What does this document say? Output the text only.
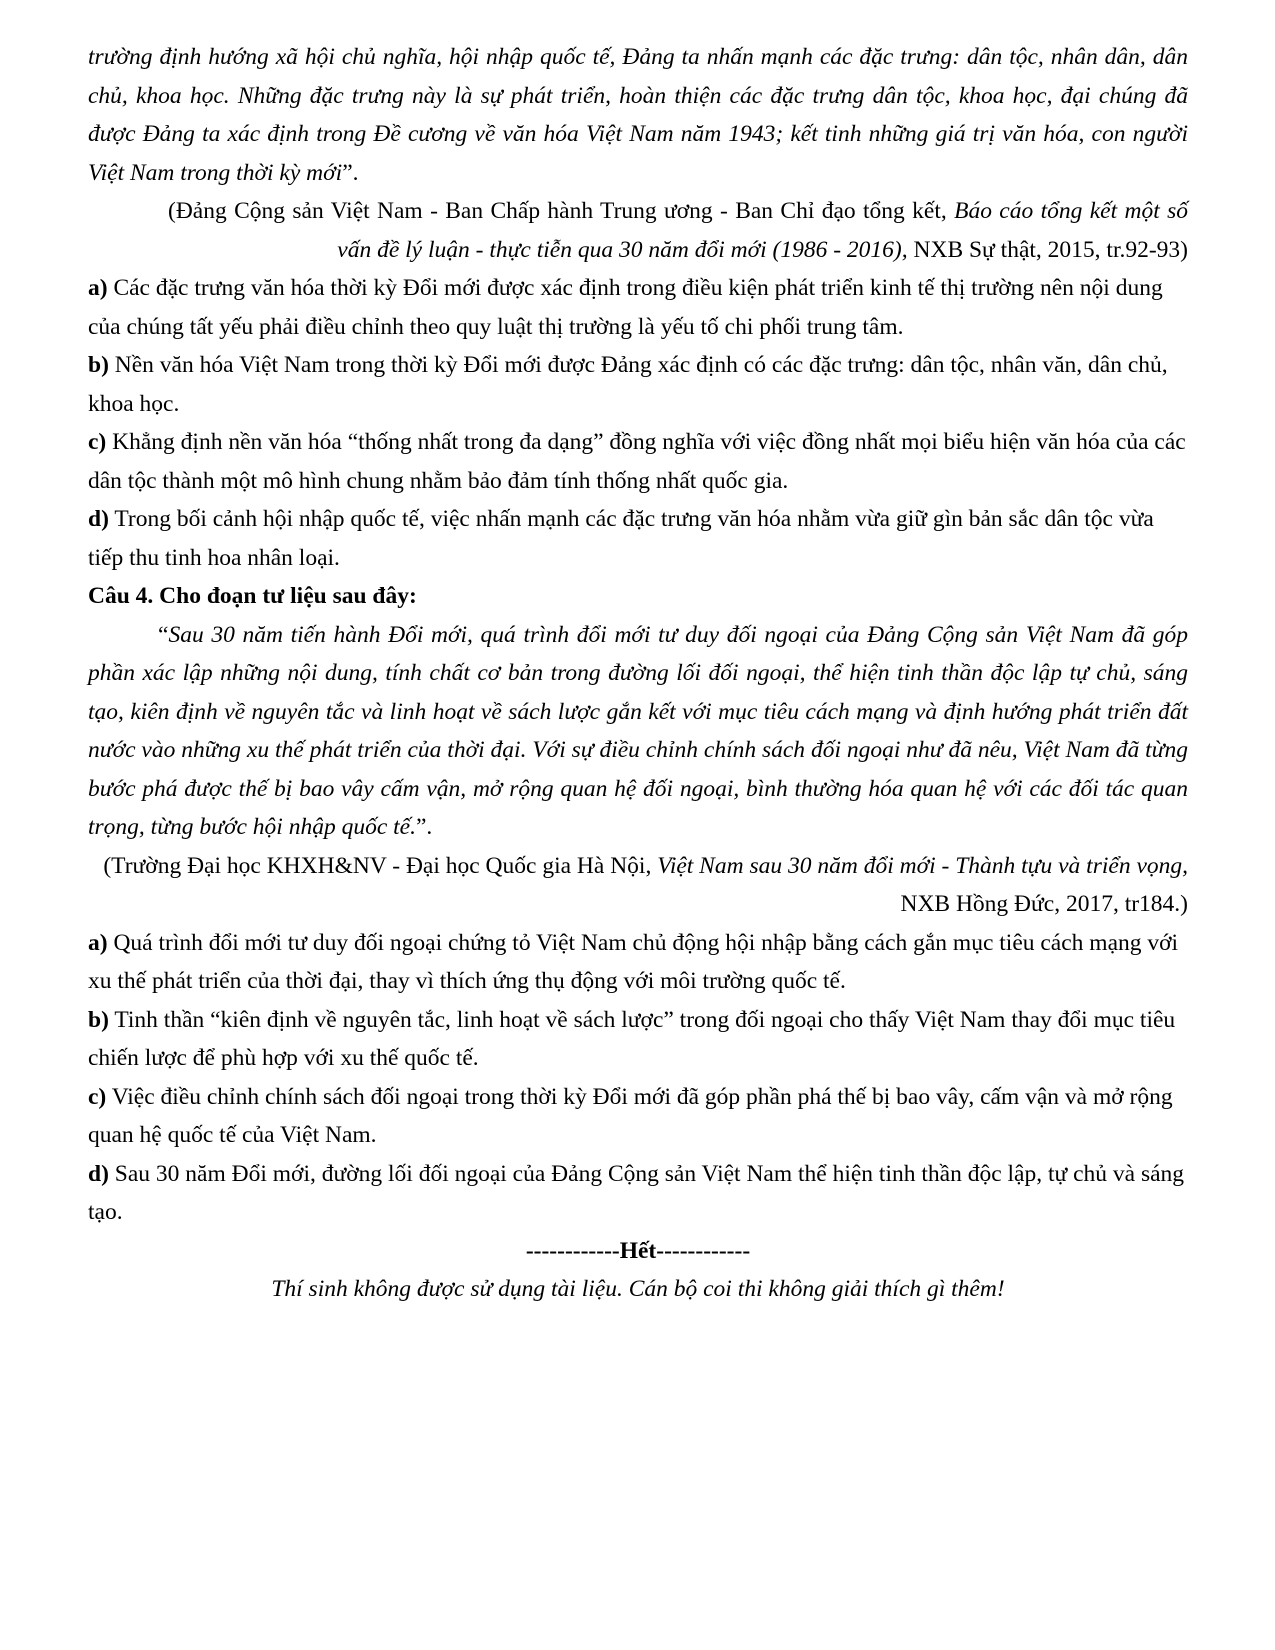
trường định hướng xã hội chủ nghĩa, hội nhập quốc tế, Đảng ta nhấn mạnh các đặc trưng: dân tộc, nhân dân, dân chủ, khoa học. Những đặc trưng này là sự phát triển, hoàn thiện các đặc trưng dân tộc, khoa học, đại chúng đã được Đảng ta xác định trong Đề cương về văn hóa Việt Nam năm 1943; kết tinh những giá trị văn hóa, con người Việt Nam trong thời kỳ mới”.
(Đảng Cộng sản Việt Nam - Ban Chấp hành Trung ương - Ban Chỉ đạo tổng kết, Báo cáo tổng kết một số vấn đề lý luận - thực tiễn qua 30 năm đổi mới (1986 - 2016), NXB Sự thật, 2015, tr.92-93)
a) Các đặc trưng văn hóa thời kỳ Đổi mới được xác định trong điều kiện phát triển kinh tế thị trường nên nội dung của chúng tất yếu phải điều chỉnh theo quy luật thị trường là yếu tố chi phối trung tâm.
b) Nền văn hóa Việt Nam trong thời kỳ Đổi mới được Đảng xác định có các đặc trưng: dân tộc, nhân văn, dân chủ, khoa học.
c) Khẳng định nền văn hóa “thống nhất trong đa dạng” đồng nghĩa với việc đồng nhất mọi biểu hiện văn hóa của các dân tộc thành một mô hình chung nhằm bảo đảm tính thống nhất quốc gia.
d) Trong bối cảnh hội nhập quốc tế, việc nhấn mạnh các đặc trưng văn hóa nhằm vừa giữ gìn bản sắc dân tộc vừa tiếp thu tinh hoa nhân loại.
Câu 4. Cho đoạn tư liệu sau đây:
“Sau 30 năm tiến hành Đổi mới, quá trình đổi mới tư duy đối ngoại của Đảng Cộng sản Việt Nam đã góp phần xác lập những nội dung, tính chất cơ bản trong đường lối đối ngoại, thể hiện tinh thần độc lập tự chủ, sáng tạo, kiên định về nguyên tắc và linh hoạt về sách lược gắn kết với mục tiêu cách mạng và định hướng phát triển đất nước vào những xu thế phát triển của thời đại. Với sự điều chỉnh chính sách đối ngoại như đã nêu, Việt Nam đã từng bước phá được thế bị bao vây cấm vận, mở rộng quan hệ đối ngoại, bình thường hóa quan hệ với các đối tác quan trọng, từng bước hội nhập quốc tế.”.
(Trường Đại học KHXH&NV - Đại học Quốc gia Hà Nội, Việt Nam sau 30 năm đổi mới - Thành tựu và triển vọng, NXB Hồng Đức, 2017, tr184.)
a) Quá trình đổi mới tư duy đối ngoại chứng tỏ Việt Nam chủ động hội nhập bằng cách gắn mục tiêu cách mạng với xu thế phát triển của thời đại, thay vì thích ứng thụ động với môi trường quốc tế.
b) Tinh thần “kiên định về nguyên tắc, linh hoạt về sách lược” trong đối ngoại cho thấy Việt Nam thay đổi mục tiêu chiến lược để phù hợp với xu thế quốc tế.
c) Việc điều chỉnh chính sách đối ngoại trong thời kỳ Đổi mới đã góp phần phá thế bị bao vây, cấm vận và mở rộng quan hệ quốc tế của Việt Nam.
d) Sau 30 năm Đổi mới, đường lối đối ngoại của Đảng Cộng sản Việt Nam thể hiện tinh thần độc lập, tự chủ và sáng tạo.
------------Hết------------
Thí sinh không được sử dụng tài liệu. Cán bộ coi thi không giải thích gì thêm!
